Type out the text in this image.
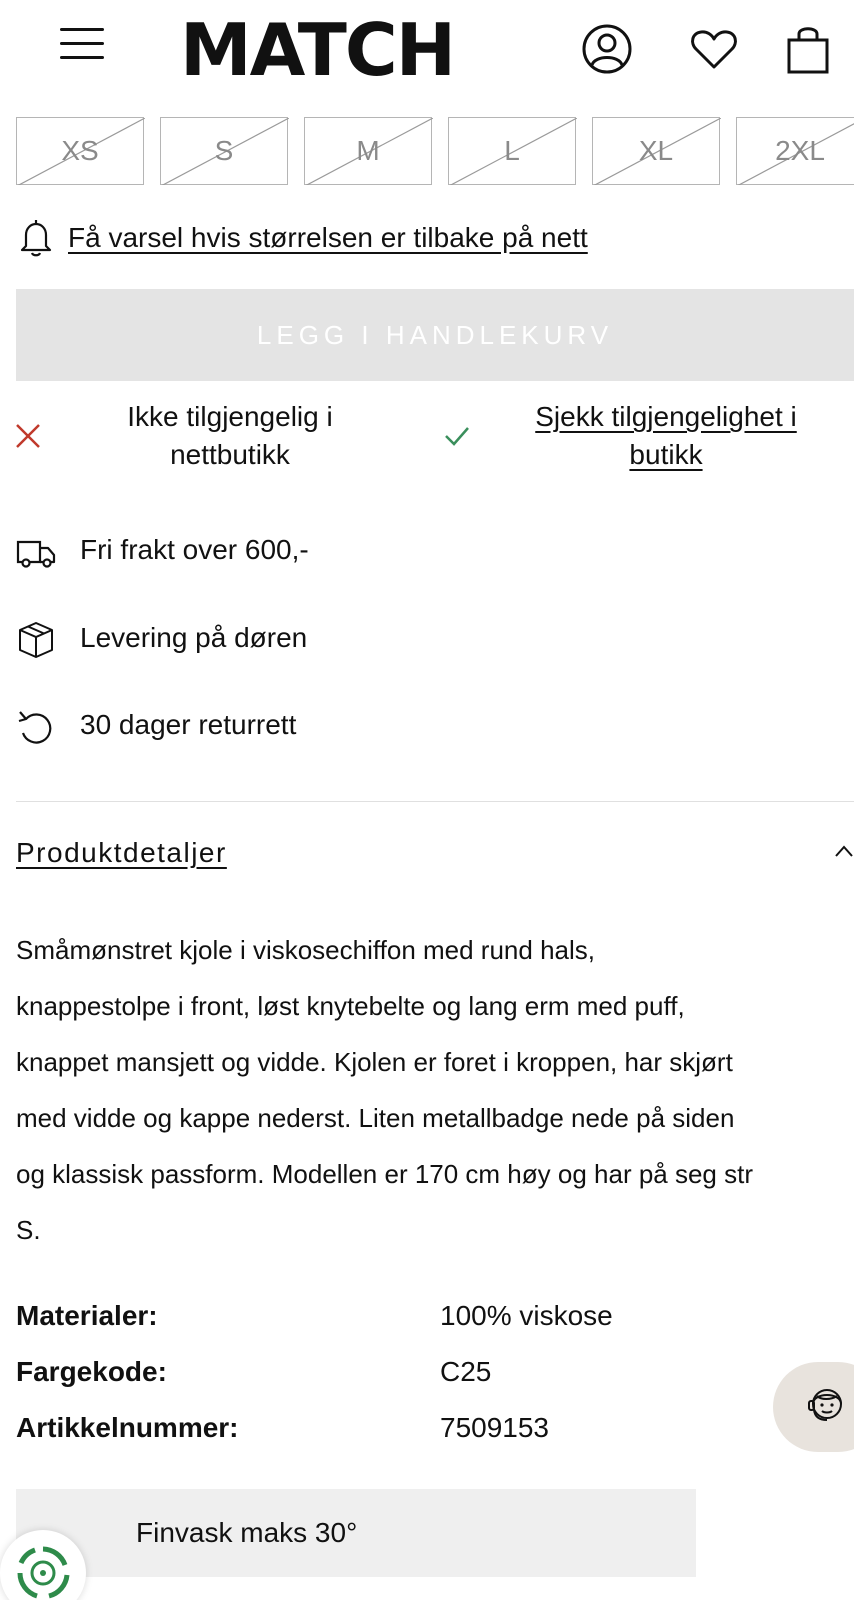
MATCH
XS	S	M	L	XL	2XL
Få varsel hvis størrelsen er tilbake på nett
LEGG I HANDLEKURV
Ikke tilgjengelig i
nettbutikk
Sjekk tilgjengelighet i
butikk
Fri frakt over 600,-
Levering på døren
30 dager returrett
Produktdetaljer
Småmønstret kjole i viskosechiffon med rund hals,
knappestolpe i front, løst knytebelte og lang erm med puff,
knappet mansjett og vidde. Kjolen er foret i kroppen, har skjørt
med vidde og kappe nederst. Liten metallbadge nede på siden
og klassisk passform. Modellen er 170 cm høy og har på seg str
S.
Materialer:	100% viskose
Fargekode:	C25
Artikkelnummer:	7509153
Finvask maks 30°
